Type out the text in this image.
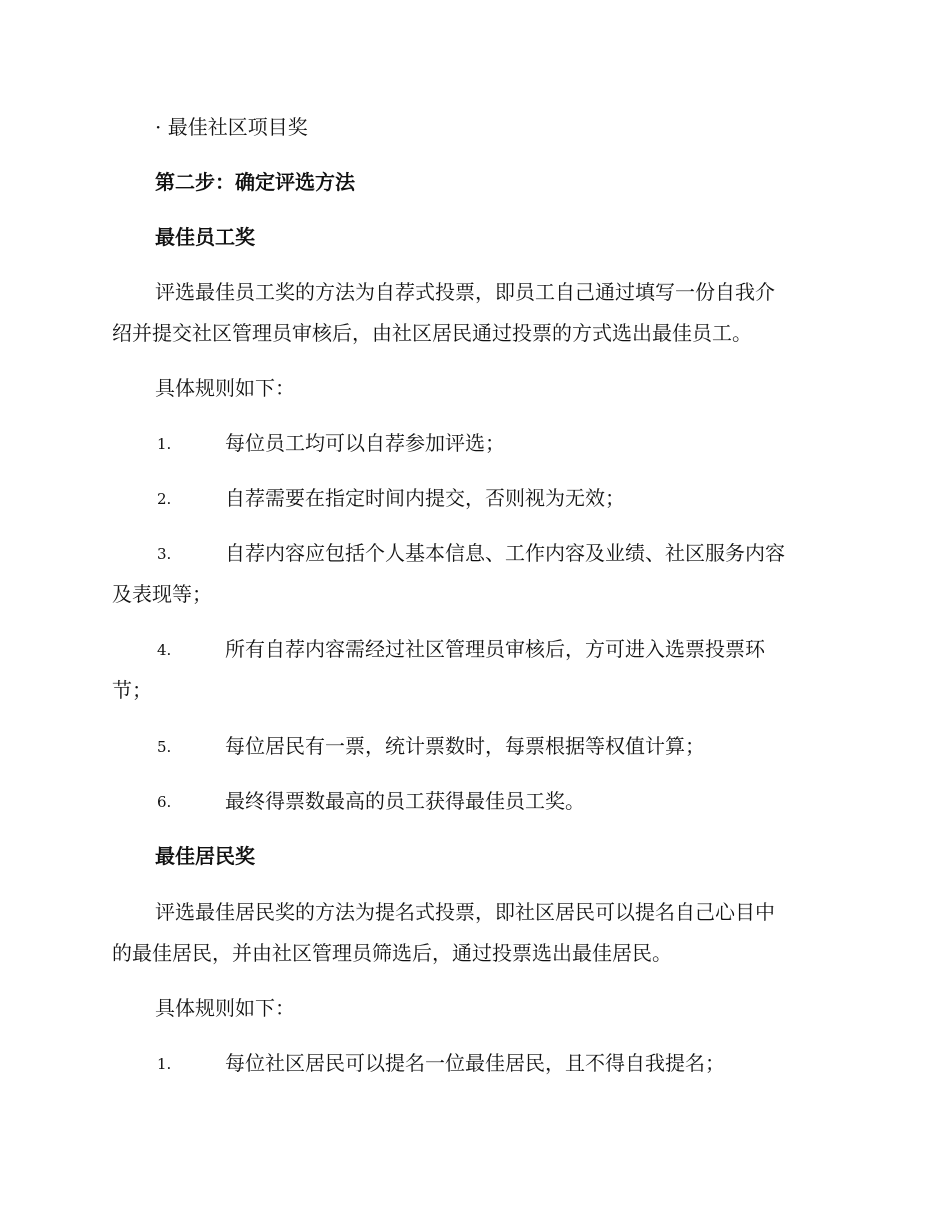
· 最佳社区项目奖
第二步：确定评选方法
最佳员工奖
评选最佳员工奖的方法为自荐式投票，即员工自己通过填写一份自我介
绍并提交社区管理员审核后，由社区居民通过投票的方式选出最佳员工。
具体规则如下：
1.	每位员工均可以自荐参加评选；
2.	自荐需要在指定时间内提交，否则视为无效；
3.	自荐内容应包括个人基本信息、工作内容及业绩、社区服务内容
及表现等；
4.	所有自荐内容需经过社区管理员审核后，方可进入选票投票环
节；
5.	每位居民有一票，统计票数时，每票根据等权值计算；
6.	最终得票数最高的员工获得最佳员工奖。
最佳居民奖
评选最佳居民奖的方法为提名式投票，即社区居民可以提名自己心目中
的最佳居民，并由社区管理员筛选后，通过投票选出最佳居民。
具体规则如下：
1.	每位社区居民可以提名一位最佳居民，且不得自我提名；
